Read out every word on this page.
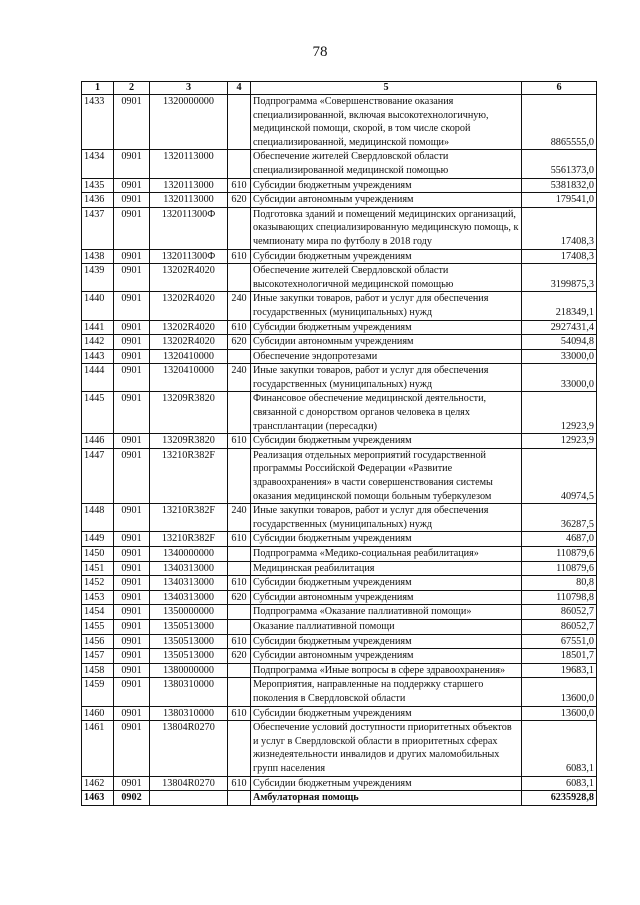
78
1	2	3	4	5	6
1433	0901	1320000000		Подпрограмма «Совершенствование оказания специализированной, включая высокотехнологичную, медицинской помощи, скорой, в том числе скорой специализированной, медицинской помощи»	8865555,0
1434	0901	1320113000		Обеспечение жителей Свердловской области специализированной медицинской помощью	5561373,0
1435	0901	1320113000	610	Субсидии бюджетным учреждениям	5381832,0
1436	0901	1320113000	620	Субсидии автономным учреждениям	179541,0
1437	0901	132011300Ф		Подготовка зданий и помещений медицинских организаций, оказывающих специализированную медицинскую помощь, к чемпионату мира по футболу в 2018 году	17408,3
1438	0901	132011300Ф	610	Субсидии бюджетным учреждениям	17408,3
1439	0901	13202R4020		Обеспечение жителей Свердловской области высокотехнологичной медицинской помощью	3199875,3
1440	0901	13202R4020	240	Иные закупки товаров, работ и услуг для обеспечения государственных (муниципальных) нужд	218349,1
1441	0901	13202R4020	610	Субсидии бюджетным учреждениям	2927431,4
1442	0901	13202R4020	620	Субсидии автономным учреждениям	54094,8
1443	0901	1320410000		Обеспечение эндопротезами	33000,0
1444	0901	1320410000	240	Иные закупки товаров, работ и услуг для обеспечения государственных (муниципальных) нужд	33000,0
1445	0901	13209R3820		Финансовое обеспечение медицинской деятельности, связанной с донорством органов человека в целях трансплантации (пересадки)	12923,9
1446	0901	13209R3820	610	Субсидии бюджетным учреждениям	12923,9
1447	0901	13210R382F		Реализация отдельных мероприятий государственной программы Российской Федерации «Развитие здравоохранения» в части совершенствования системы оказания медицинской помощи больным туберкулезом	40974,5
1448	0901	13210R382F	240	Иные закупки товаров, работ и услуг для обеспечения государственных (муниципальных) нужд	36287,5
1449	0901	13210R382F	610	Субсидии бюджетным учреждениям	4687,0
1450	0901	1340000000		Подпрограмма «Медико-социальная реабилитация»	110879,6
1451	0901	1340313000		Медицинская реабилитация	110879,6
1452	0901	1340313000	610	Субсидии бюджетным учреждениям	80,8
1453	0901	1340313000	620	Субсидии автономным учреждениям	110798,8
1454	0901	1350000000		Подпрограмма «Оказание паллиативной помощи»	86052,7
1455	0901	1350513000		Оказание паллиативной помощи	86052,7
1456	0901	1350513000	610	Субсидии бюджетным учреждениям	67551,0
1457	0901	1350513000	620	Субсидии автономным учреждениям	18501,7
1458	0901	1380000000		Подпрограмма «Иные вопросы в сфере здравоохранения»	19683,1
1459	0901	1380310000		Мероприятия, направленные на поддержку старшего поколения в Свердловской области	13600,0
1460	0901	1380310000	610	Субсидии бюджетным учреждениям	13600,0
1461	0901	13804R0270		Обеспечение условий доступности приоритетных объектов и услуг в Свердловской области в приоритетных сферах жизнедеятельности инвалидов и других маломобильных групп населения	6083,1
1462	0901	13804R0270	610	Субсидии бюджетным учреждениям	6083,1
1463	0902			Амбулаторная помощь	6235928,8
